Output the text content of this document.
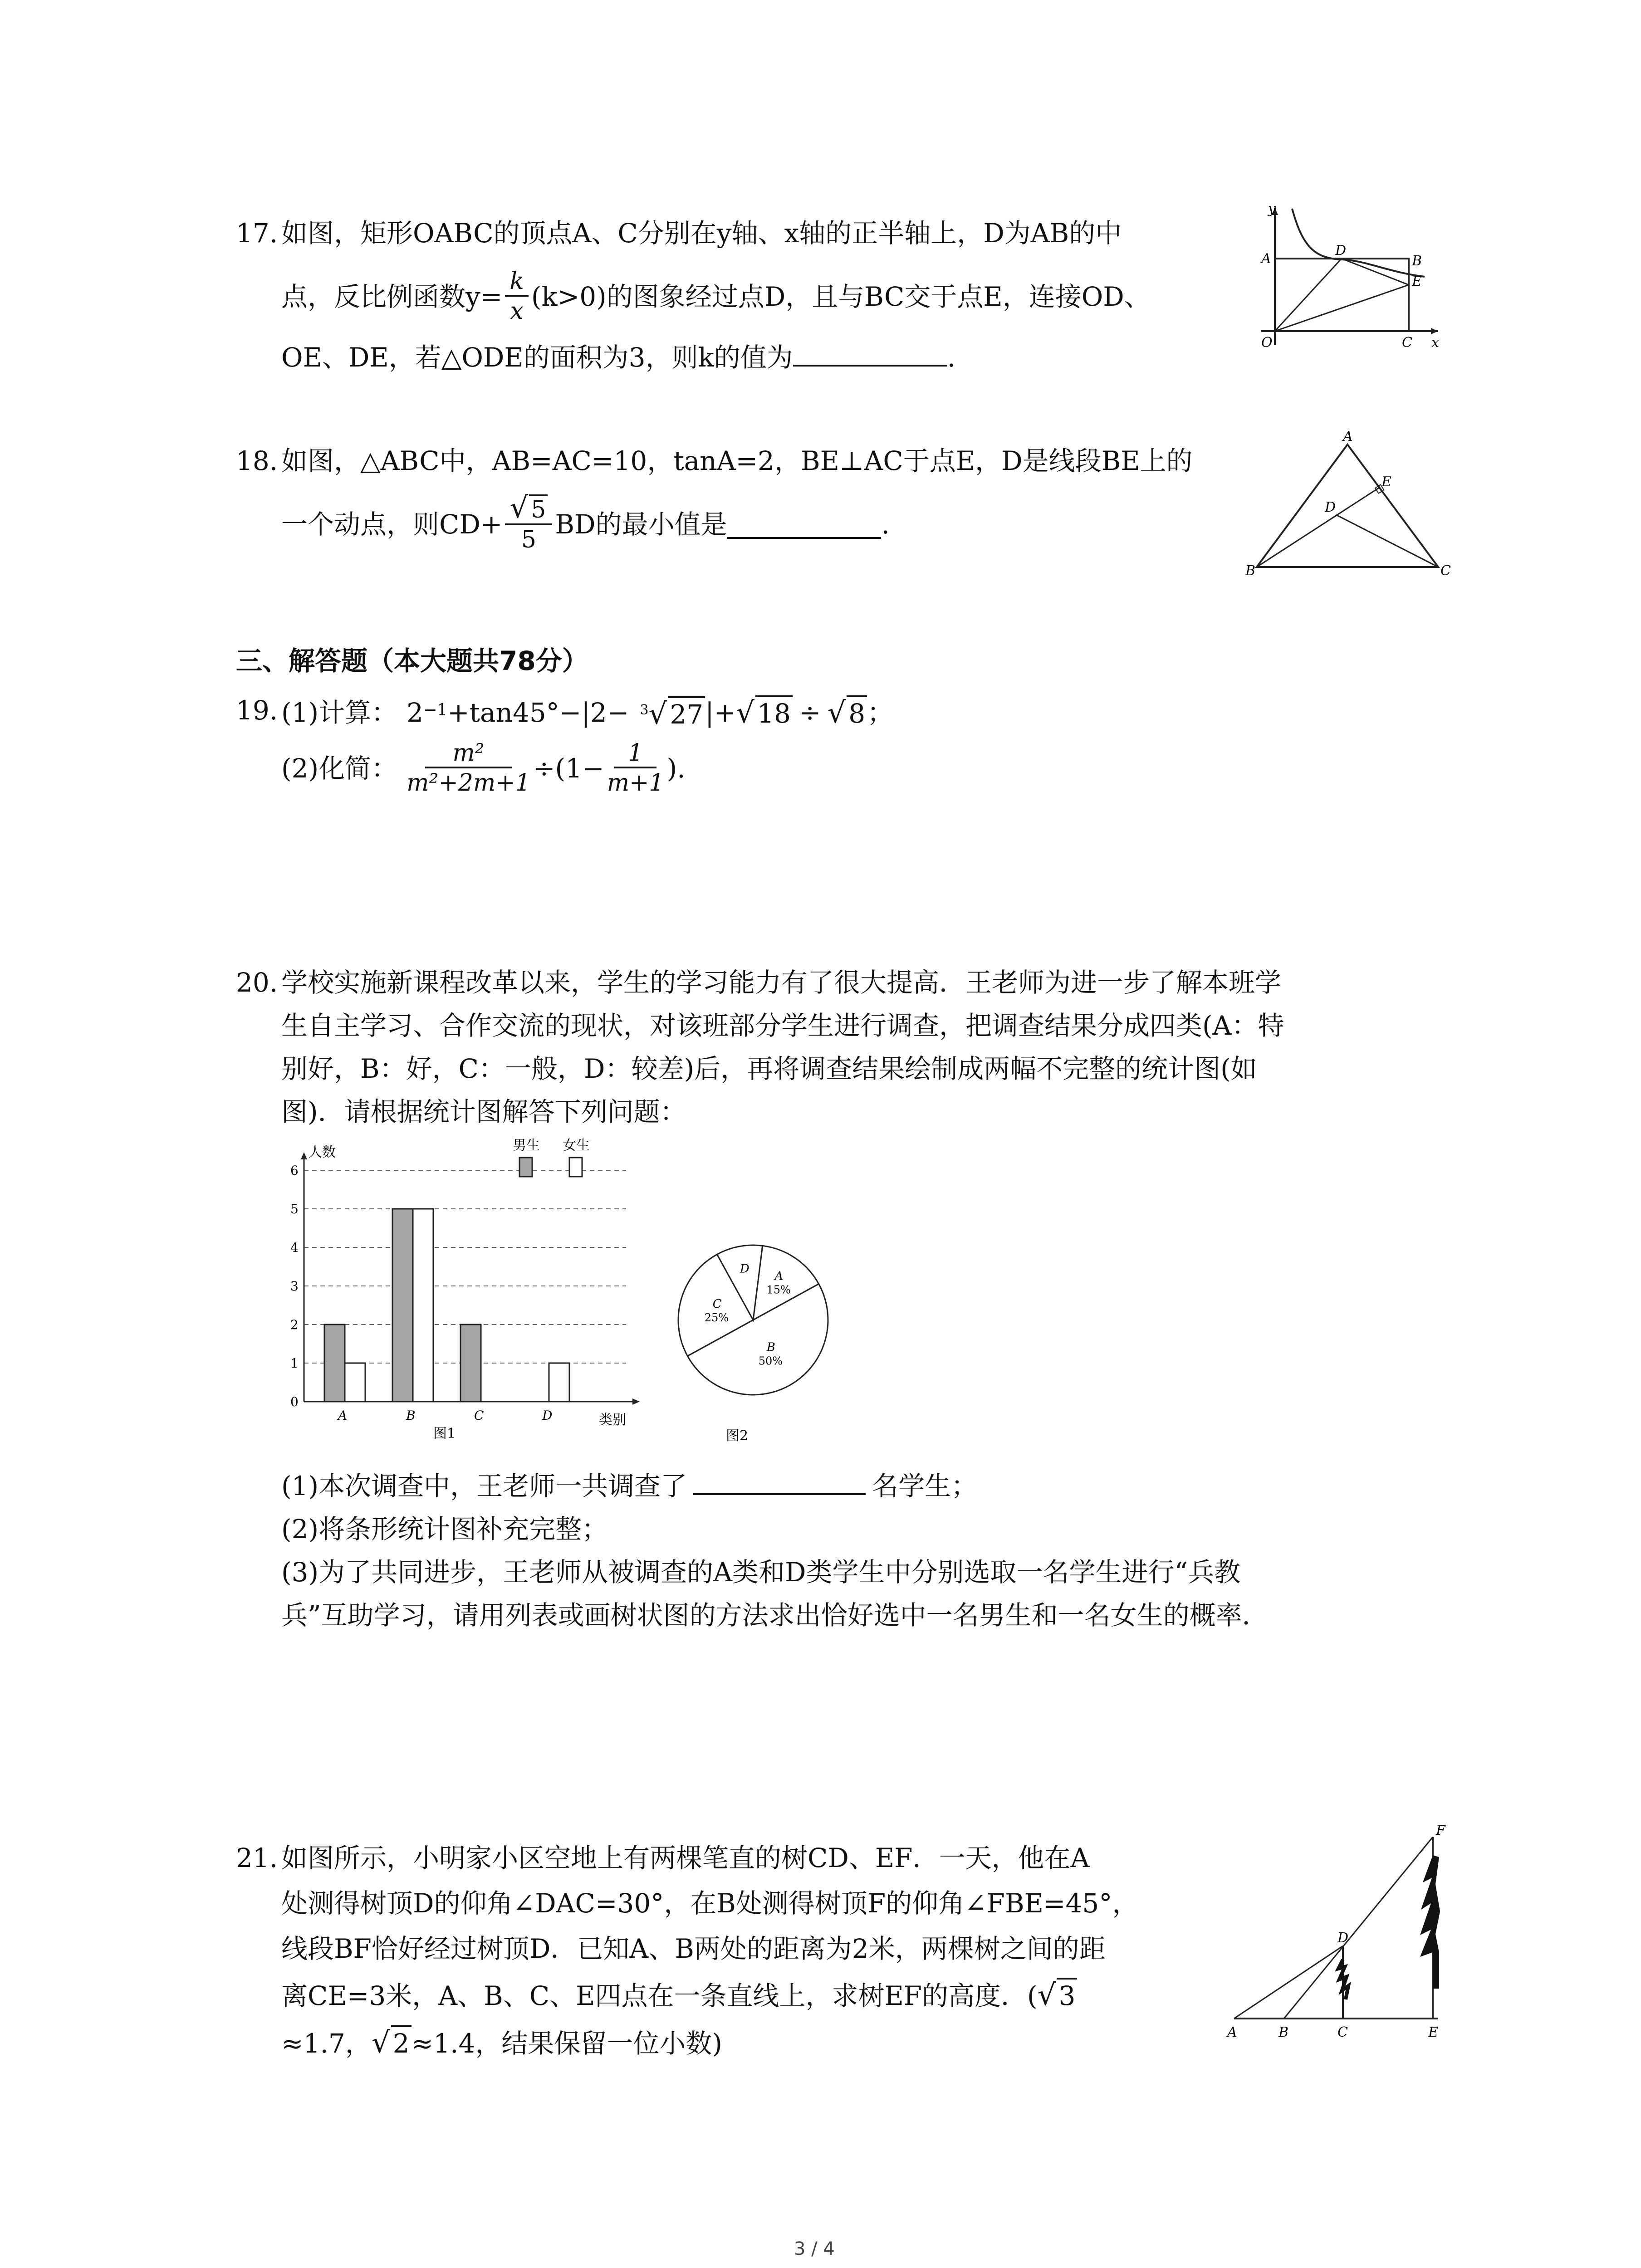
17. 如图，矩形OABC的顶点A、C分别在y轴、x轴的正半轴上，D为AB的中
点，反比例函数$y= \frac{k}{x} (k>0)$的图象经过点D，且与BC交于点E，连接OD、
OE、DE，若△ODE的面积为3，则k的值为	.
y
x
A
D
B
E
C
O
18. 如图，△ABC中，AB=AC=10，tanA=2，BE⊥AC于点E，D是线段BE上的
一个动点，则$CD+ \frac{√ 5}{5}$ BD的最小值是	.
A
E
D
B	C
三、解答题（本大题共78分）
19. (1)计算： 2 −1 +tan45°−|2− $^3$√ 27 |+ √ 18 ÷ √ 8 ；
(2)化简： $\frac{\text{m²}}{\text{m²+2m+1}} \div(1- \frac{1}{m+1}$ ).
20. 学校实施新课程改革以来，学生的学习能力有了很大提高．王老师为进一步了解本班学
生自主学习、合作交流的现状，对该班部分学生进行调查，把调查结果分成四类(A：特
别好，B：好，C：一般，D：较差)后，再将调查结果绘制成两幅不完整的统计图(如
图)．请根据统计图解答下列问题：
0
1
2
3
4
5
6
A	B	C	D
人数
类别
图1
男生 女生
A
15%
B
50%
C
25%
D
图2
(1)本次调查中，王老师一共调查了	名学生；
(2)将条形统计图补充完整；
(3)为了共同进步，王老师从被调查的A类和D类学生中分别选取一名学生进行“兵教
兵”互助学习，请用列表或画树状图的方法求出恰好选中一名男生和一名女生的概率．
21. 如图所示，小明家小区空地上有两棵笔直的树CD、EF．一天，他在A
处测得树顶D的仰角∠DAC=30°，在B处测得树顶F的仰角∠FBE=45°，
线段BF恰好经过树顶D．已知A、B两处的距离为2米，两棵树之间的距
离CE=3米，A、B、C、E四点在一条直线上，求树EF的高度．(√ 3
≈1.7，√ 2≈1.4，结果保留一位小数)
D
F
A	B	C	E
3 / 4
